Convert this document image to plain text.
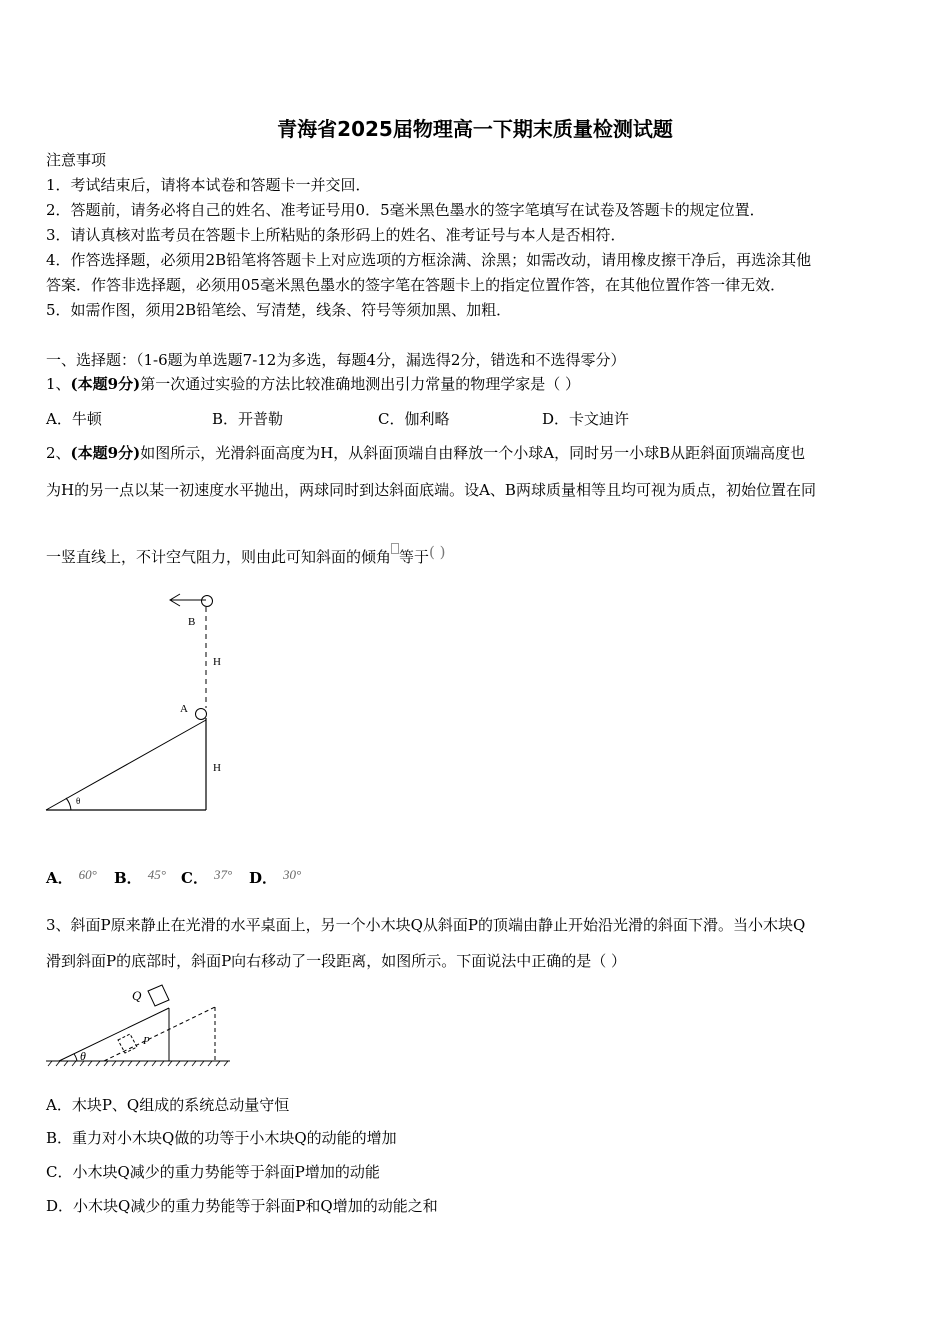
青海省2025届物理高一下期末质量检测试题
注意事项
1．考试结束后，请将本试卷和答题卡一并交回．
2．答题前，请务必将自己的姓名、准考证号用0．5毫米黑色墨水的签字笔填写在试卷及答题卡的规定位置．
3．请认真核对监考员在答题卡上所粘贴的条形码上的姓名、准考证号与本人是否相符．
4．作答选择题，必须用2B铅笔将答题卡上对应选项的方框涂满、涂黑；如需改动，请用橡皮擦干净后，再选涂其他
答案．作答非选择题，必须用05毫米黑色墨水的签字笔在答题卡上的指定位置作答，在其他位置作答一律无效．
5．如需作图，须用2B铅笔绘、写清楚，线条、符号等须加黑、加粗．
一、选择题：（1-6题为单选题7-12为多选，每题4分，漏选得2分，错选和不选得零分）
1、(本题9分)第一次通过实验的方法比较准确地测出引力常量的物理学家是（ ）
A．牛顿	B．开普勒	C．伽利略	D．卡文迪许
2、(本题9分)如图所示，光滑斜面高度为H，从斜面顶端自由释放一个小球A，同时另一小球B从距斜面顶端高度也
为H的另一点以某一初速度水平抛出，两球同时到达斜面底端。设A、B两球质量相等且均可视为质点，初始位置在同
一竖直线上，不计空气阻力，则由此可知斜面的倾角 等于( )
B
H
A
H
θ
A． 60° B． 45° C． 37° D． 30°
3、斜面P原来静止在光滑的水平桌面上，另一个小木块Q从斜面P的顶端由静止开始沿光滑的斜面下滑。当小木块Q
滑到斜面P的底部时，斜面P向右移动了一段距离，如图所示。下面说法中正确的是（ ）
Q
P
θ
A．木块P、Q组成的系统总动量守恒
B．重力对小木块Q做的功等于小木块Q的动能的增加
C．小木块Q减少的重力势能等于斜面P增加的动能
D．小木块Q减少的重力势能等于斜面P和Q增加的动能之和
